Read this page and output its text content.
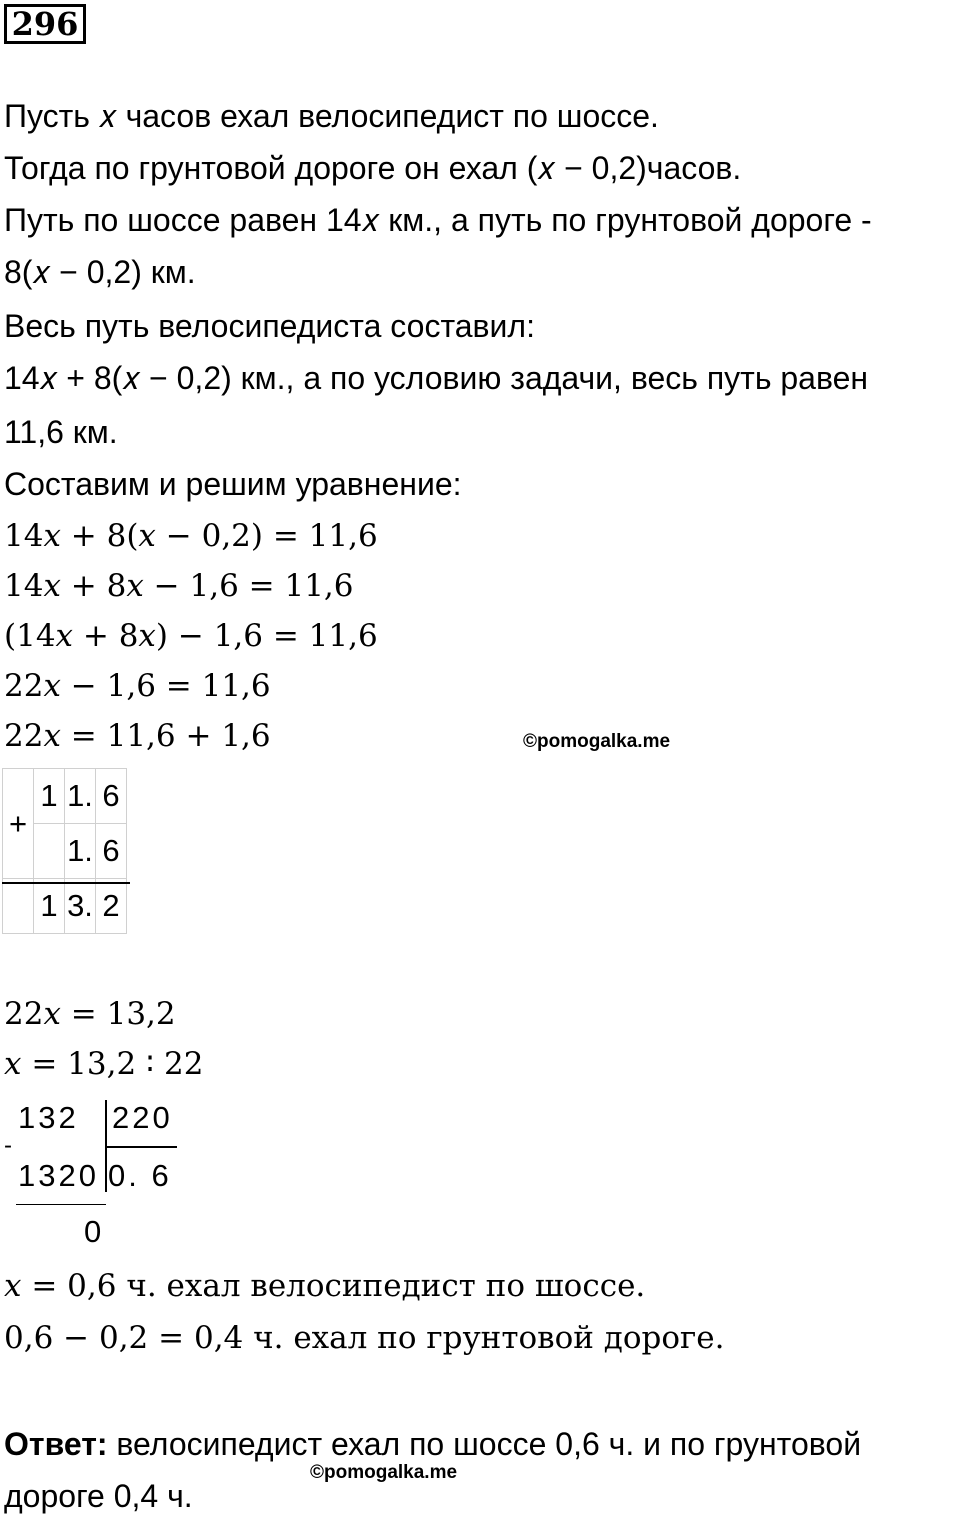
296
Пусть 𝑥 часов ехал велосипедист по шоссе.
Тогда по грунтовой дороге он ехал (𝑥 − 0,2)часов.
Путь по шоссе равен 14𝑥 км., а путь по грунтовой дороге -
8(𝑥 − 0,2) км.
Весь путь велосипедиста составил:
14𝑥 + 8(𝑥 − 0,2) км., а по условию задачи, весь путь равен
11,6 км.
Составим и решим уравнение:
14𝑥 + 8(𝑥 − 0,2) = 11,6
14𝑥 + 8𝑥 − 1,6 = 11,6
(14𝑥 + 8𝑥) − 1,6 = 11,6
22𝑥 − 1,6 = 11,6
22𝑥 = 11,6 + 1,6	©pomogalka.me
+	1	1.	6
		1.	6
	1	3.	2
22𝑥 = 13,2
𝑥 = 13,2 ∶ 22
132 220
-
1320 0. 6
0
𝑥 = 0,6 ч. ехал велосипедист по шоссе.
0,6 − 0,2 = 0,4 ч. ехал по грунтовой дороге.
Ответ: велосипедист ехал по шоссе 0,6 ч. и по грунтовой
©pomogalka.me
дороге 0,4 ч.
